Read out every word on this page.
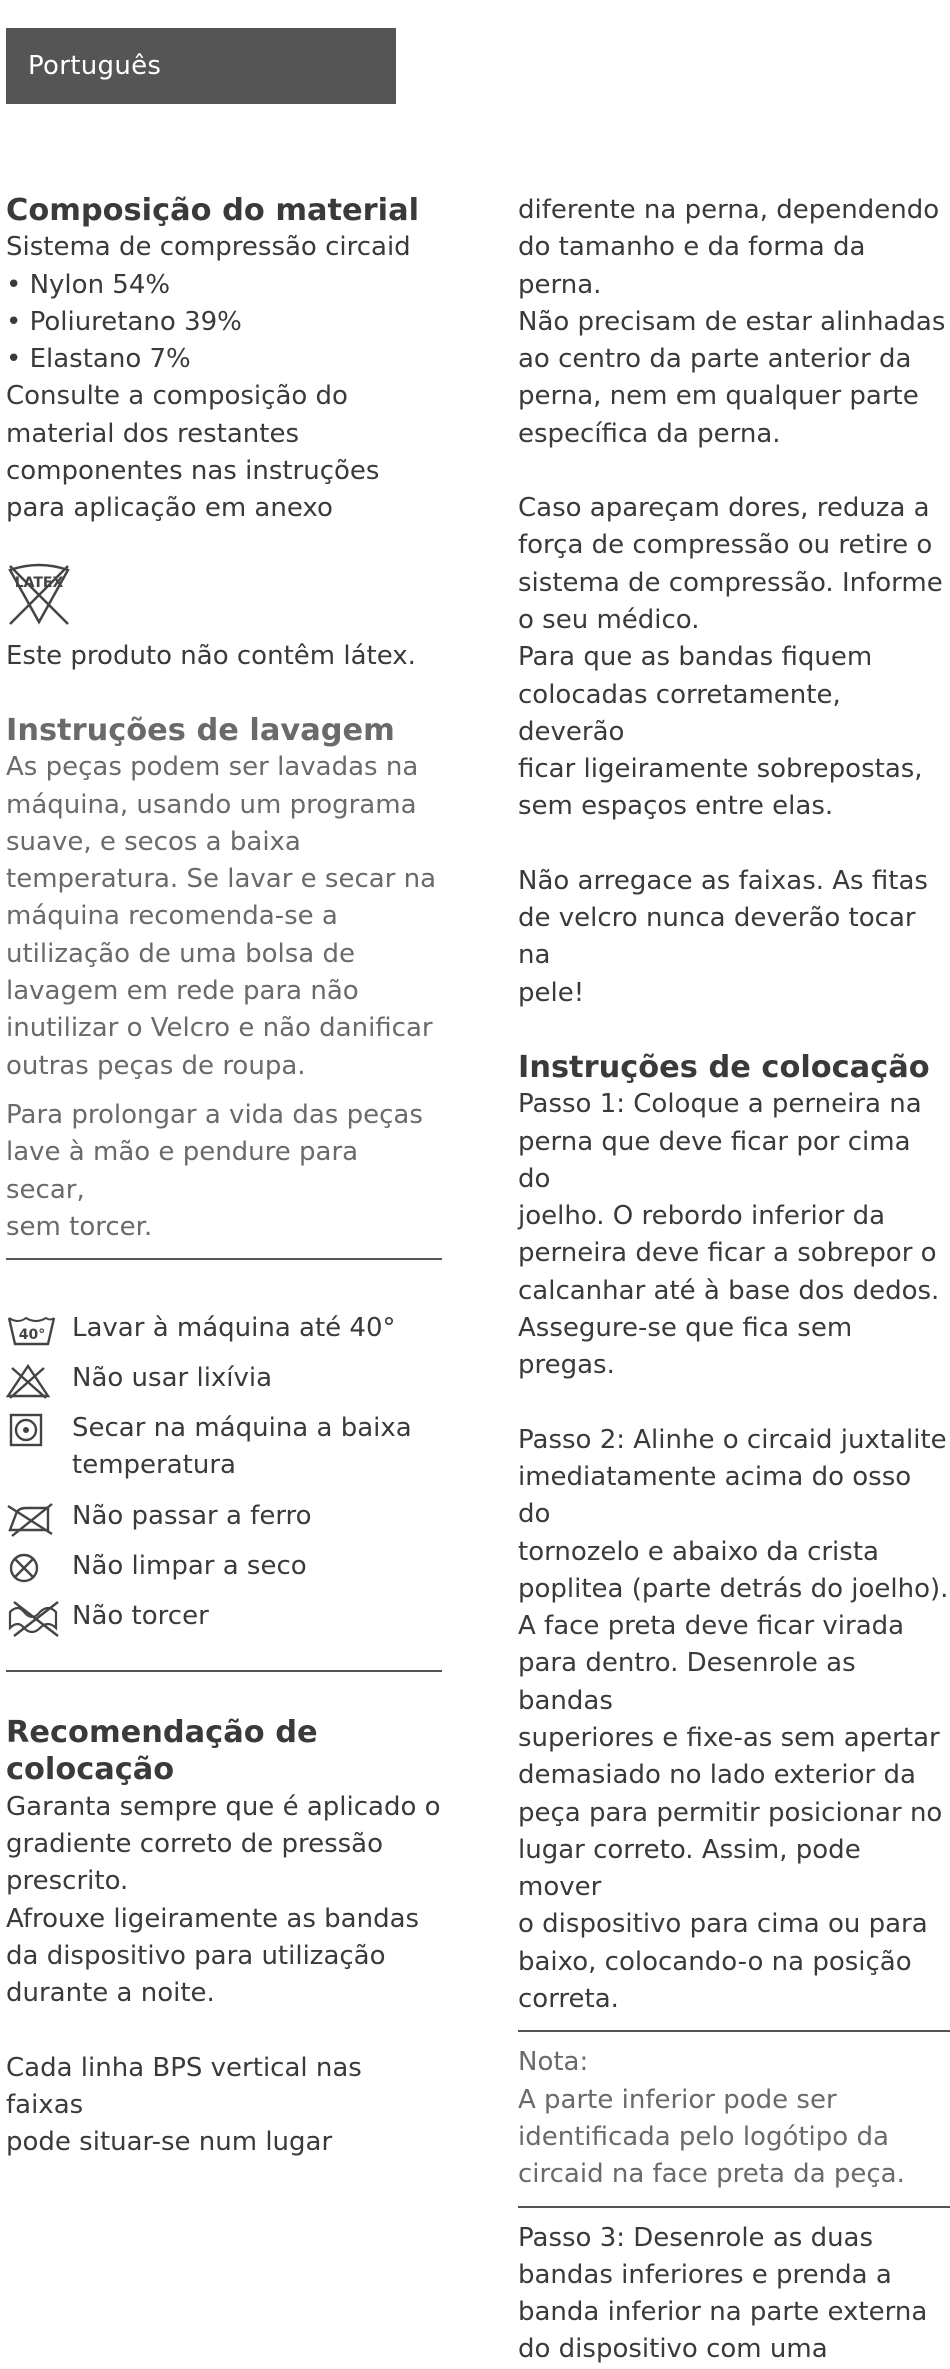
Português
Composição do material

Sistema de compressão circaid

• Nylon 54%

• Poliuretano 39%

• Elastano 7%

Consulte a composição do

material dos restantes

componentes nas instruções

para aplicação em anexo

LATEX

Este produto não contêm látex.

Instruções de lavagem

As peças podem ser lavadas na

máquina, usando um programa

suave, e secos a baixa

temperatura. Se lavar e secar na

máquina recomenda-se a

utilização de uma bolsa de

lavagem em rede para não

inutilizar o Velcro e não danificar

outras peças de roupa.

Para prolongar a vida das peças

lave à mão e pendure para secar,

sem torcer.

40° Lavar à máquina até 40°
Não usar lixívia
Secar na máquina a baixa
temperatura
Não passar a ferro
Não limpar a seco
Não torcer
Recomendação de colocação

Garanta sempre que é aplicado o

gradiente correto de pressão

prescrito.

Afrouxe ligeiramente as bandas

da dispositivo para utilização

durante a noite.

Cada linha BPS vertical nas faixas

pode situar-se num lugar

diferente na perna, dependendo

do tamanho e da forma da perna.

Não precisam de estar alinhadas

ao centro da parte anterior da

perna, nem em qualquer parte

específica da perna.

Caso apareçam dores, reduza a

força de compressão ou retire o

sistema de compressão. Informe

o seu médico.

Para que as bandas fiquem

colocadas corretamente, deverão

ficar ligeiramente sobrepostas,

sem espaços entre elas.

Não arregace as faixas. As fitas

de velcro nunca deverão tocar na

pele!

Instruções de colocação

Passo 1: Coloque a perneira na

perna que deve ficar por cima do

joelho. O rebordo inferior da

perneira deve ficar a sobrepor o

calcanhar até à base dos dedos.

Assegure-se que fica sem pregas.

Passo 2: Alinhe o circaid juxtalite

imediatamente acima do osso do

tornozelo e abaixo da crista

poplitea (parte detrás do joelho).

A face preta deve ficar virada

para dentro. Desenrole as bandas

superiores e fixe-as sem apertar

demasiado no lado exterior da

peça para permitir posicionar no

lugar correto. Assim, pode mover

o dispositivo para cima ou para

baixo, colocando-o na posição

correta.

Nota:

A parte inferior pode ser

identificada pelo logótipo da

circaid na face preta da peça.

Passo 3: Desenrole as duas

bandas inferiores e prenda a

banda inferior na parte externa

do dispositivo com uma
